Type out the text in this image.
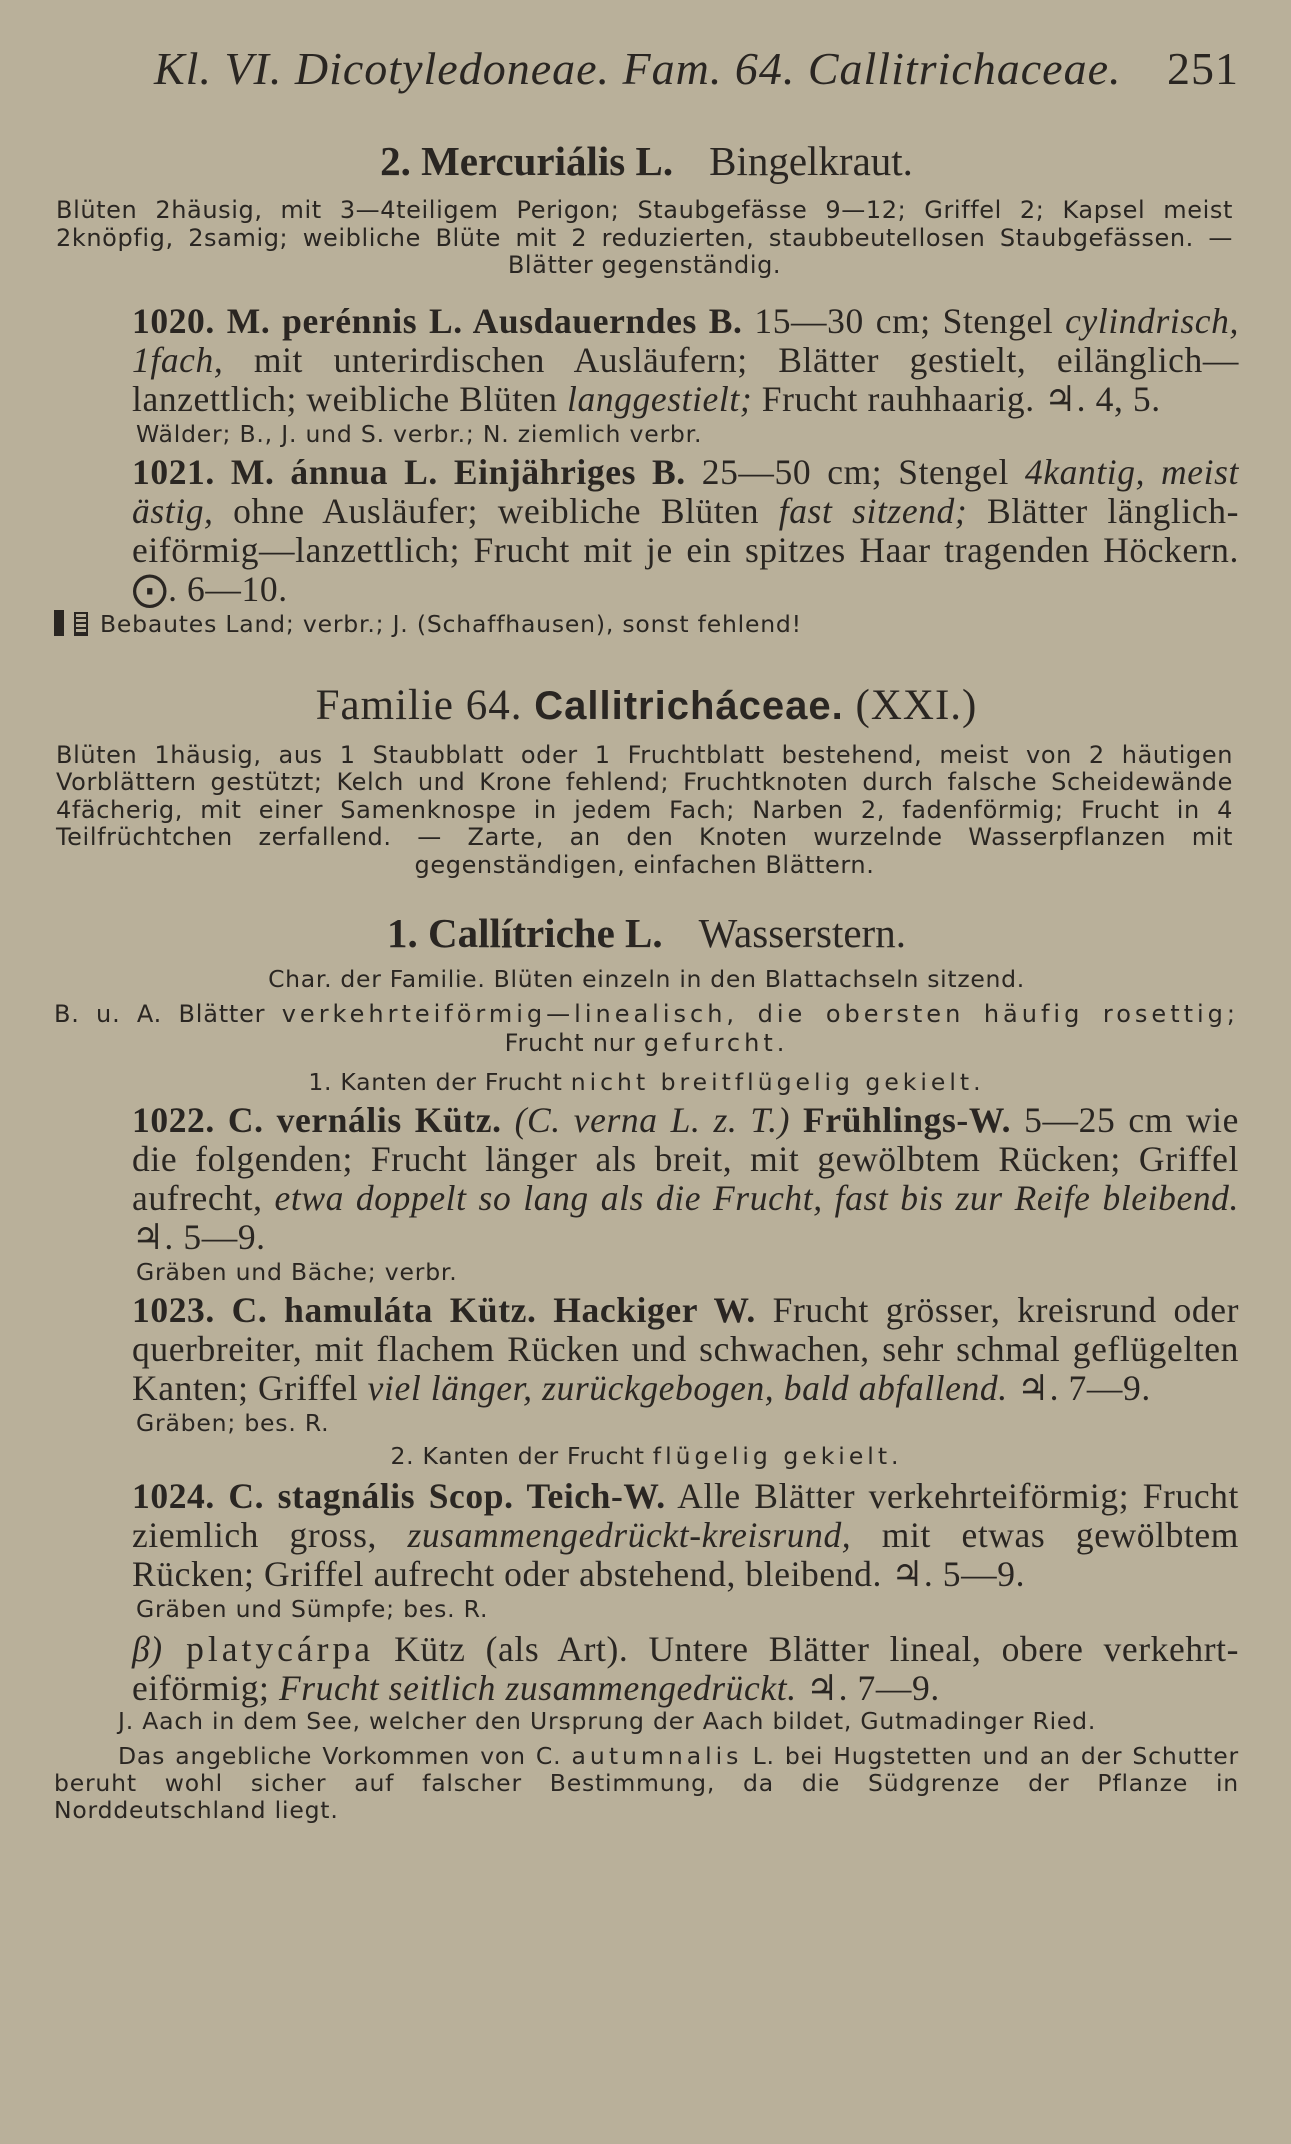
Kl. VI. Dicotyledoneae. Fam. 64. Callitrichaceae. 251
2. Mercuriális L. Bingelkraut.
Blüten 2häusig, mit 3—4teiligem Perigon; Staubgefässe 9—12; Griffel 2; Kapsel meist 2knöpfig, 2samig; weibliche Blüte mit 2 reduzierten, staubbeutellosen Staubgefässen. — Blätter gegenständig.
1020. M. perénnis L. Ausdauerndes B. 15—30 cm; Stengel cylindrisch, 1fach, mit unterirdischen Ausläufern; Blätter gestielt, eilänglich—lanzettlich; weibliche Blüten langgestielt; Frucht rauhhaarig. ♃. 4, 5.
Wälder; B., J. und S. verbr.; N. ziemlich verbr.
1021. M. ánnua L. Einjähriges B. 25—50 cm; Stengel 4kantig, meist ästig, ohne Ausläufer; weibliche Blüten fast sitzend; Blätter länglich-eiförmig—lanzettlich; Frucht mit je ein spitzes Haar tragenden Höckern. ⨀. 6—10.
Bebautes Land; verbr.; J. (Schaffhausen), sonst fehlend!
Familie 64. Callitricháceae. (XXI.)
Blüten 1häusig, aus 1 Staubblatt oder 1 Fruchtblatt bestehend, meist von 2 häutigen Vorblättern gestützt; Kelch und Krone fehlend; Fruchtknoten durch falsche Scheidewände 4fächerig, mit einer Samenknospe in jedem Fach; Narben 2, fadenförmig; Frucht in 4 Teilfrüchtchen zerfallend. — Zarte, an den Knoten wurzelnde Wasserpflanzen mit gegenständigen, einfachen Blättern.
1. Callítriche L. Wasserstern.
Char. der Familie. Blüten einzeln in den Blattachseln sitzend.
B. u. A. Blätter verkehrteiförmig—linealisch, die obersten häufig rosettig; Frucht nur gefurcht.
1. Kanten der Frucht nicht breitflügelig gekielt.
1022. C. vernális Kütz. (C. verna L. z. T.) Frühlings-W. 5—25 cm wie die folgenden; Frucht länger als breit, mit gewölbtem Rücken; Griffel aufrecht, etwa doppelt so lang als die Frucht, fast bis zur Reife bleibend. ♃. 5—9.
Gräben und Bäche; verbr.
1023. C. hamuláta Kütz. Hackiger W. Frucht grösser, kreisrund oder querbreiter, mit flachem Rücken und schwachen, sehr schmal geflügelten Kanten; Griffel viel länger, zurückgebogen, bald abfallend. ♃. 7—9.
Gräben; bes. R.
2. Kanten der Frucht flügelig gekielt.
1024. C. stagnális Scop. Teich-W. Alle Blätter verkehrteiförmig; Frucht ziemlich gross, zusammengedrückt-kreisrund, mit etwas gewölbtem Rücken; Griffel aufrecht oder abstehend, bleibend. ♃. 5—9.
Gräben und Sümpfe; bes. R.
β) platycárpa Kütz (als Art). Untere Blätter lineal, obere verkehrt-eiförmig; Frucht seitlich zusammengedrückt. ♃. 7—9.
J. Aach in dem See, welcher den Ursprung der Aach bildet, Gutmadinger Ried.
Das angebliche Vorkommen von C. autumnalis L. bei Hugstetten und an der Schutter beruht wohl sicher auf falscher Bestimmung, da die Südgrenze der Pflanze in Norddeutschland liegt.
